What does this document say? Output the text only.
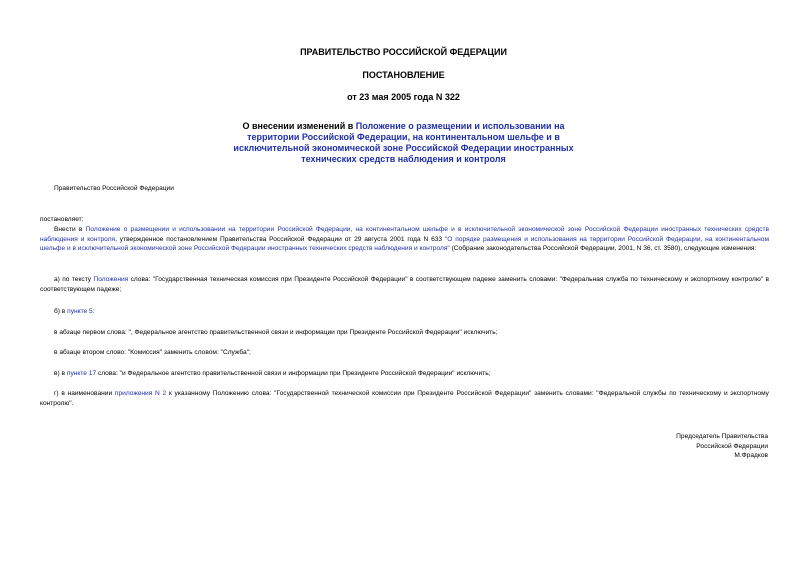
ПРАВИТЕЛЬСТВО РОССИЙСКОЙ ФЕДЕРАЦИИ
ПОСТАНОВЛЕНИЕ
от 23 мая 2005 года N 322
О внесении изменений в Положение о размещении и использовании на территории Российской Федерации, на континентальном шельфе и в исключительной экономической зоне Российской Федерации иностранных технических средств наблюдения и контроля

Правительство Российской Федерации

постановляет:

Внести в Положение о размещении и использовании на территории Российской Федерации, на континентальном шельфе и в исключительной экономической зоне Российской Федерации иностранных технических средств наблюдения и контроля, утвержденное постановлением Правительства Российской Федерации от 29 августа 2001 года N 633 "О порядке размещения и использования на территории Российской Федерации, на континентальном шельфе и в исключительной экономической зоне Российской Федерации иностранных технических средств наблюдения и контроля" (Собрание законодательства Российской Федерации, 2001, N 36, ст. 3580), следующие изменения:

а) по тексту Положения слова: "Государственная техническая комиссия при Президенте Российской Федерации" в соответствующем падеже заменить словами: "Федеральная служба по техническому и экспортному контролю" в соответствующем падеже;

б) в пункте 5:

в абзаце первом слова: ", Федеральное агентство правительственной связи и информации при Президенте Российской Федерации" исключить;

в абзаце втором слово: "Комиссия" заменить словом: "Служба";

в) в пункте 17 слова: "и Федеральное агентство правительственной связи и информации при Президенте Российской Федерации" исключить;

г) в наименовании приложения N 2 к указанному Положению слова: "Государственной технической комиссии при Президенте Российской Федерации" заменить словами: "Федеральной службы по техническому и экспортному контролю".

Председатель Правительства
Российской Федерации
М.Фрадков
